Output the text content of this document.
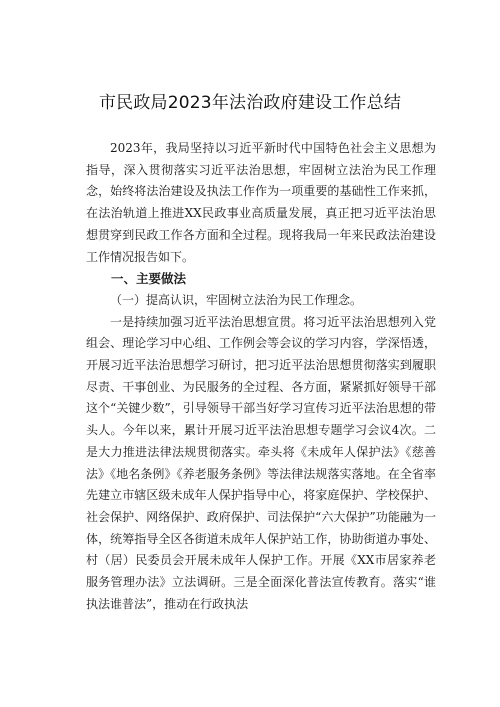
市民政局2023年法治政府建设工作总结

2023年，我局坚持以习近平新时代中国特色社会主义思想为指导，深入贯彻落实习近平法治思想，牢固树立法治为民工作理念，始终将法治建设及执法工作作为一项重要的基础性工作来抓，在法治轨道上推进XX民政事业高质量发展，真正把习近平法治思想贯穿到民政工作各方面和全过程。现将我局一年来民政法治建设工作情况报告如下。

一、主要做法

（一）提高认识，牢固树立法治为民工作理念。

一是持续加强习近平法治思想宣贯。将习近平法治思想列入党组会、理论学习中心组、工作例会等会议的学习内容，学深悟透，开展习近平法治思想学习研讨，把习近平法治思想贯彻落实到履职尽责、干事创业、为民服务的全过程、各方面，紧紧抓好领导干部这个“关键少数”，引导领导干部当好学习宣传习近平法治思想的带头人。今年以来，累计开展习近平法治思想专题学习会议4次。二是大力推进法律法规贯彻落实。牵头将《未成年人保护法》《慈善法》《地名条例》《养老服务条例》等法律法规落实落地。在全省率先建立市辖区级未成年人保护指导中心，将家庭保护、学校保护、社会保护、网络保护、政府保护、司法保护“六大保护”功能融为一体，统筹指导全区各街道未成年人保护站工作，协助街道办事处、村（居）民委员会开展未成年人保护工作。开展《XX市居家养老服务管理办法》立法调研。三是全面深化普法宣传教育。落实“谁执法谁普法”，推动在行政执法
